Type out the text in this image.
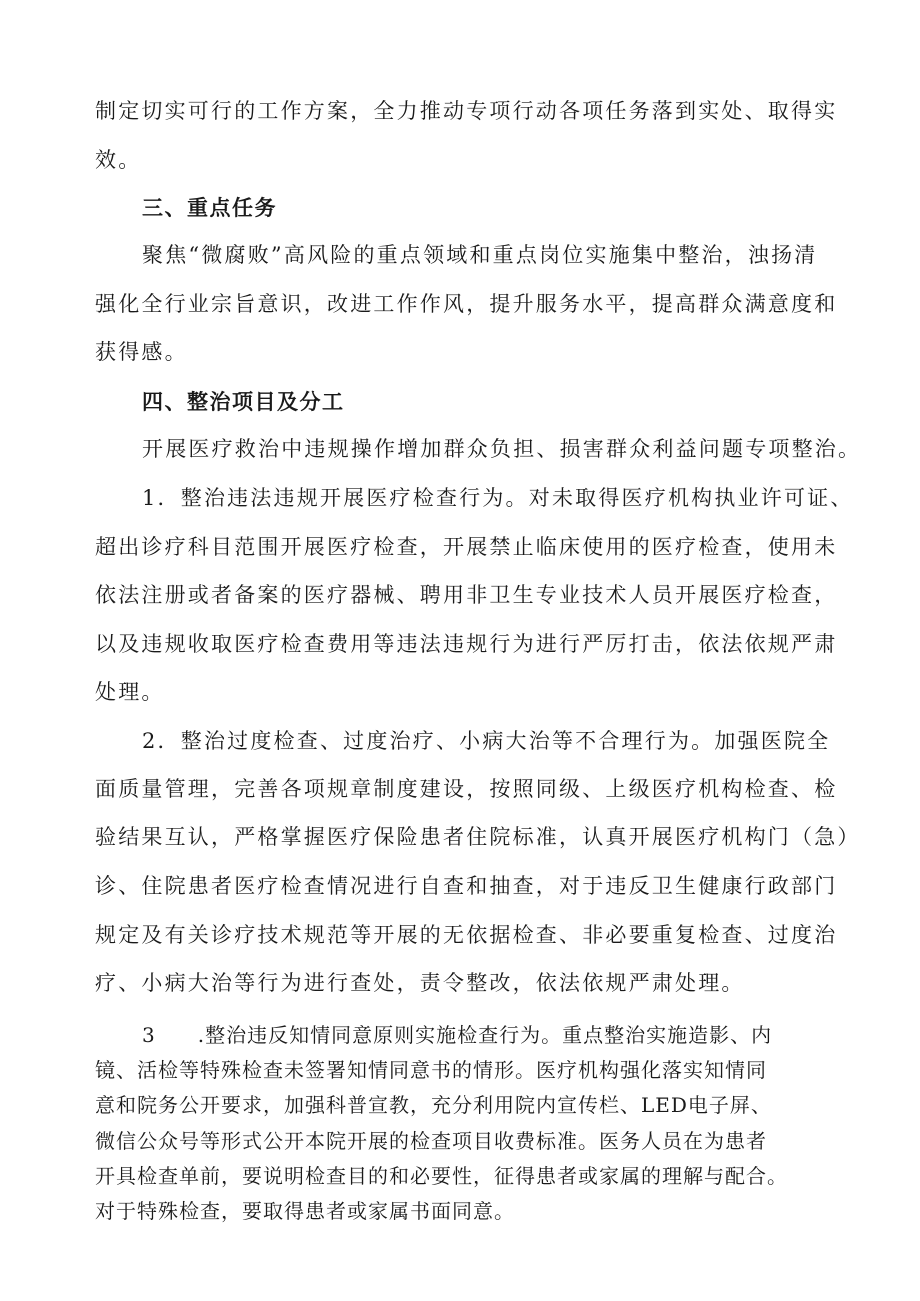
制定切实可行的工作方案，全力推动专项行动各项任务落到实处、取得实
效。
三、重点任务
聚焦“微腐败”高风险的重点领域和重点岗位实施集中整治，浊扬清
强化全行业宗旨意识，改进工作作风，提升服务水平，提高群众满意度和
获得感。
四、整治项目及分工
开展医疗救治中违规操作增加群众负担、损害群众利益问题专项整治。
1．整治违法违规开展医疗检查行为。对未取得医疗机构执业许可证、
超出诊疗科目范围开展医疗检查，开展禁止临床使用的医疗检查，使用未
依法注册或者备案的医疗器械、聘用非卫生专业技术人员开展医疗检查，
以及违规收取医疗检查费用等违法违规行为进行严厉打击，依法依规严肃
处理。
2．整治过度检查、过度治疗、小病大治等不合理行为。加强医院全
面质量管理，完善各项规章制度建设，按照同级、上级医疗机构检查、检
验结果互认，严格掌握医疗保险患者住院标准，认真开展医疗机构门（急）
诊、住院患者医疗检查情况进行自查和抽查，对于违反卫生健康行政部门
规定及有关诊疗技术规范等开展的无依据检查、非必要重复检查、过度治
疗、小病大治等行为进行查处，责令整改，依法依规严肃处理。
3 .整治违反知情同意原则实施检查行为。重点整治实施造影、内
镜、活检等特殊检查未签署知情同意书的情形。医疗机构强化落实知情同
意和院务公开要求，加强科普宣教，充分利用院内宣传栏、LED电子屏、
微信公众号等形式公开本院开展的检查项目收费标准。医务人员在为患者
开具检查单前，要说明检查目的和必要性，征得患者或家属的理解与配合。
对于特殊检查，要取得患者或家属书面同意。
